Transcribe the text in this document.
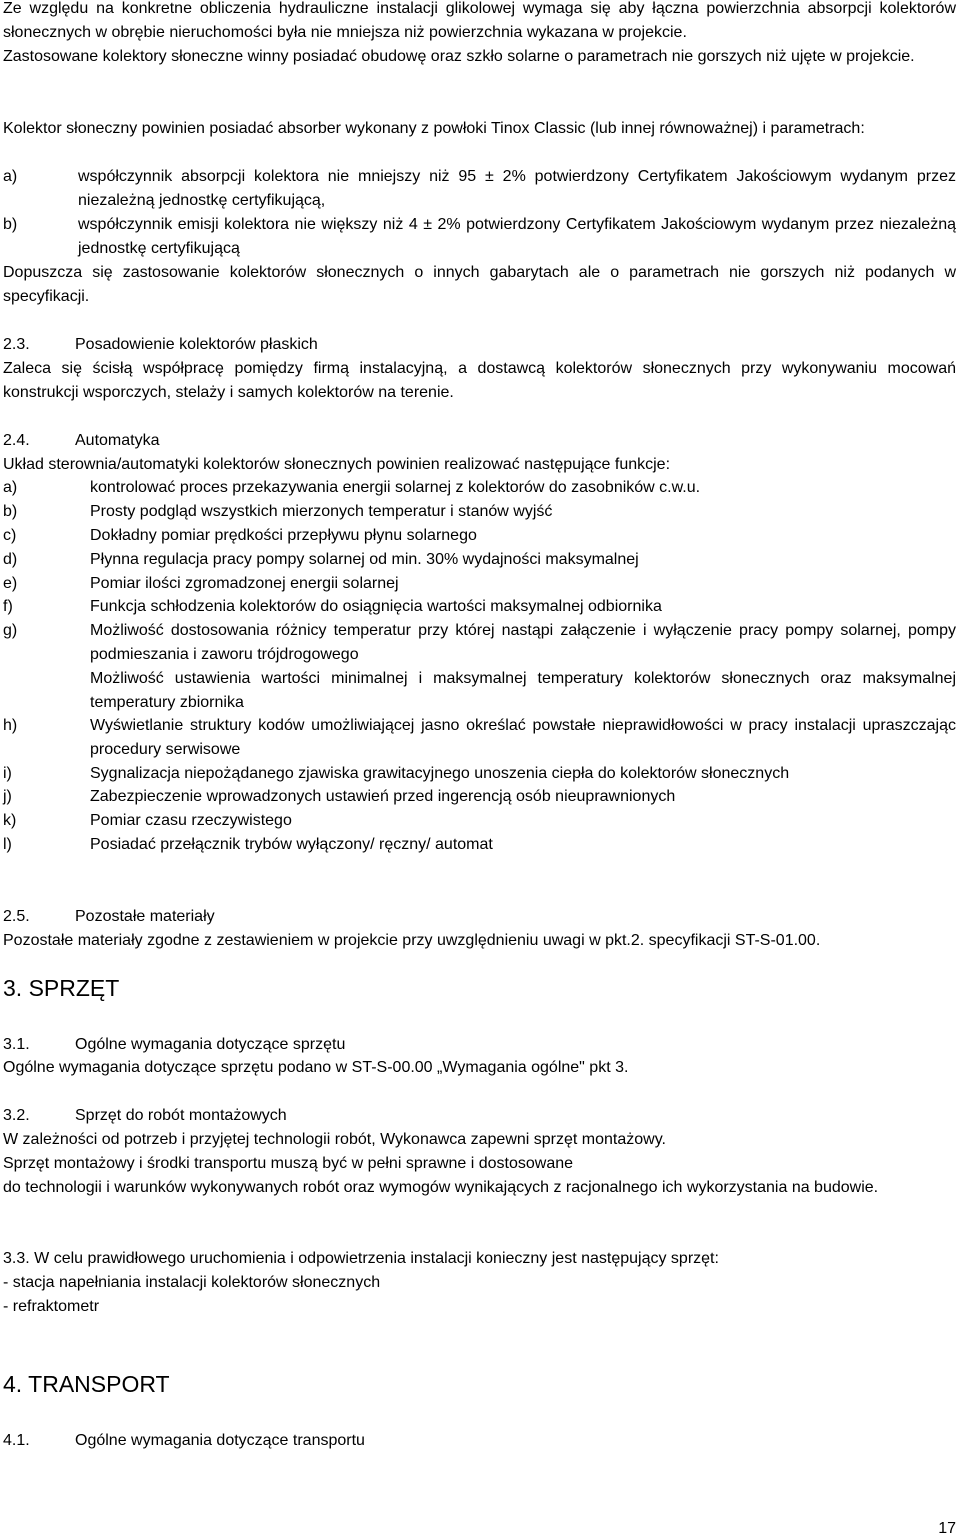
Ze względu na konkretne obliczenia hydrauliczne instalacji glikolowej wymaga się aby łączna powierzchnia absorpcji kolektorów słonecznych w obrębie nieruchomości była nie mniejsza niż powierzchnia wykazana w projekcie.

Zastosowane kolektory słoneczne winny posiadać obudowę oraz szkło solarne o parametrach nie gorszych niż ujęte w projekcie.

Kolektor słoneczny powinien posiadać absorber wykonany z powłoki Tinox Classic (lub innej równoważnej) i parametrach:

a)	współczynnik absorpcji kolektora nie mniejszy niż 95 ± 2% potwierdzony Certyfikatem Jakościowym wydanym przez niezależną jednostkę certyfikującą,
b)	współczynnik emisji kolektora nie większy niż 4 ± 2% potwierdzony Certyfikatem Jakościowym wydanym przez niezależną jednostkę certyfikującą

Dopuszcza się zastosowanie kolektorów słonecznych o innych gabarytach ale o parametrach nie gorszych niż podanych w specyfikacji.

2.3.	Posadowienie kolektorów płaskich

Zaleca się ścisłą współpracę pomiędzy firmą instalacyjną, a dostawcą kolektorów słonecznych przy wykonywaniu mocowań konstrukcji wsporczych, stelaży i samych kolektorów na terenie.

2.4.	Automatyka

Układ sterownia/automatyki kolektorów słonecznych powinien realizować następujące funkcje:

a)	kontrolować proces przekazywania energii solarnej z kolektorów do zasobników c.w.u.
b)	Prosty podgląd wszystkich mierzonych temperatur i stanów wyjść
c)	Dokładny pomiar prędkości przepływu płynu solarnego
d)	Płynna regulacja pracy pompy solarnej od min. 30% wydajności maksymalnej
e)	Pomiar ilości zgromadzonej energii solarnej
f)	Funkcja schłodzenia kolektorów do osiągnięcia wartości maksymalnej odbiornika
g)	Możliwość dostosowania różnicy temperatur przy której nastąpi załączenie i wyłączenie pracy pompy solarnej, pompy podmieszania i zaworu trójdrogowego
Możliwość ustawienia wartości minimalnej i maksymalnej temperatury kolektorów słonecznych oraz maksymalnej temperatury zbiornika
h)	Wyświetlanie struktury kodów umożliwiającej jasno określać powstałe nieprawidłowości w pracy instalacji upraszczając procedury serwisowe
i)	Sygnalizacja niepożądanego zjawiska grawitacyjnego unoszenia ciepła do kolektorów słonecznych
j)	Zabezpieczenie wprowadzonych ustawień przed ingerencją osób nieuprawnionych
k)	Pomiar czasu rzeczywistego
l)	Posiadać przełącznik trybów wyłączony/ ręczny/ automat
2.5.	Pozostałe materiały

Pozostałe materiały zgodne z zestawieniem w projekcie przy uwzględnieniu uwagi w pkt.2. specyfikacji ST-S-01.00.

3. SPRZĘT
3.1.	Ogólne wymagania dotyczące sprzętu

Ogólne wymagania dotyczące sprzętu podano w ST-S-00.00 „Wymagania ogólne" pkt 3.

3.2.	Sprzęt do robót montażowych

W zależności od potrzeb i przyjętej technologii robót, Wykonawca zapewni sprzęt montażowy.

Sprzęt montażowy i środki transportu muszą być w pełni sprawne i dostosowane

do technologii i warunków wykonywanych robót oraz wymogów wynikających z racjonalnego ich wykorzystania na budowie.

3.3. W celu prawidłowego uruchomienia i odpowietrzenia instalacji konieczny jest następujący sprzęt:
- stacja napełniania instalacji kolektorów słonecznych
- refraktometr
4. TRANSPORT
4.1.	Ogólne wymagania dotyczące transportu
17
